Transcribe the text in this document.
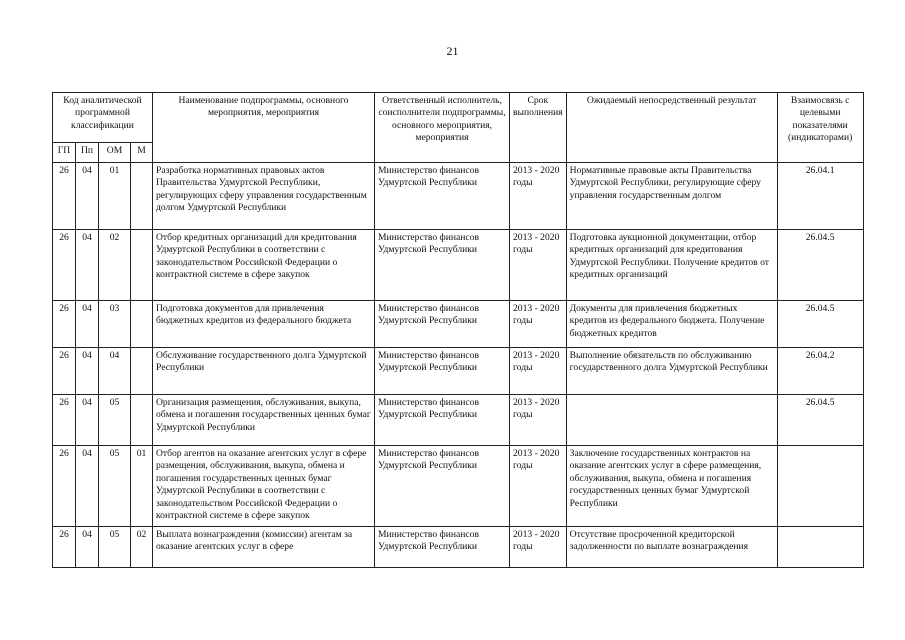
21
Код аналитической программной классификации				Наименование подпрограммы, основного мероприятия, мероприятия	Ответственный исполнитель, соисполнители подпрограммы, основного мероприятия, мероприятия	Срок выполнения	Ожидаемый непосредственный результат	Взаимосвязь с целевыми показателями (индикаторами)
ГП	Пп	ОМ	М					
26	04	01		Разработка нормативных правовых актов Правительства Удмуртской Республики, регулирующих сферу управления государственным долгом Удмуртской Республики	Министерство финансов Удмуртской Республики	2013 - 2020 годы	Нормативные правовые акты Правительства Удмуртской Республики, регулирующие сферу управления государственным долгом	26.04.1
26	04	02		Отбор кредитных организаций для кредитования Удмуртской Республики в соответствии с законодательством Российской Федерации о контрактной системе в сфере закупок	Министерство финансов Удмуртской Республики	2013 - 2020 годы	Подготовка аукционной документации, отбор кредитных организаций для кредитования Удмуртской Республики. Получение кредитов от кредитных организаций	26.04.5
26	04	03		Подготовка документов для привлечения бюджетных кредитов из федерального бюджета	Министерство финансов Удмуртской Республики	2013 - 2020 годы	Документы для привлечения бюджетных кредитов из федерального бюджета. Получение бюджетных кредитов	26.04.5
26	04	04		Обслуживание государственного долга Удмуртской Республики	Министерство финансов Удмуртской Республики	2013 - 2020 годы	Выполнение обязательств по обслуживанию государственного долга Удмуртской Республики	26.04.2
26	04	05		Организация размещения, обслуживания, выкупа, обмена и погашения государственных ценных бумаг Удмуртской Республики	Министерство финансов Удмуртской Республики	2013 - 2020 годы		26.04.5
26	04	05	01	Отбор агентов на оказание агентских услуг в сфере размещения, обслуживания, выкупа, обмена и погашения государственных ценных бумаг Удмуртской Республики в соответствии с законодательством Российской Федерации о контрактной системе в сфере закупок	Министерство финансов Удмуртской Республики	2013 - 2020 годы	Заключение государственных контрактов на оказание агентских услуг в сфере размещения, обслуживания, выкупа, обмена и погашения государственных ценных бумаг Удмуртской Республики	
26	04	05	02	Выплата вознаграждения (комиссии) агентам за оказание агентских услуг в сфере	Министерство финансов Удмуртской Республики	2013 - 2020 годы	Отсутствие просроченной кредиторской задолженности по выплате вознаграждения	
